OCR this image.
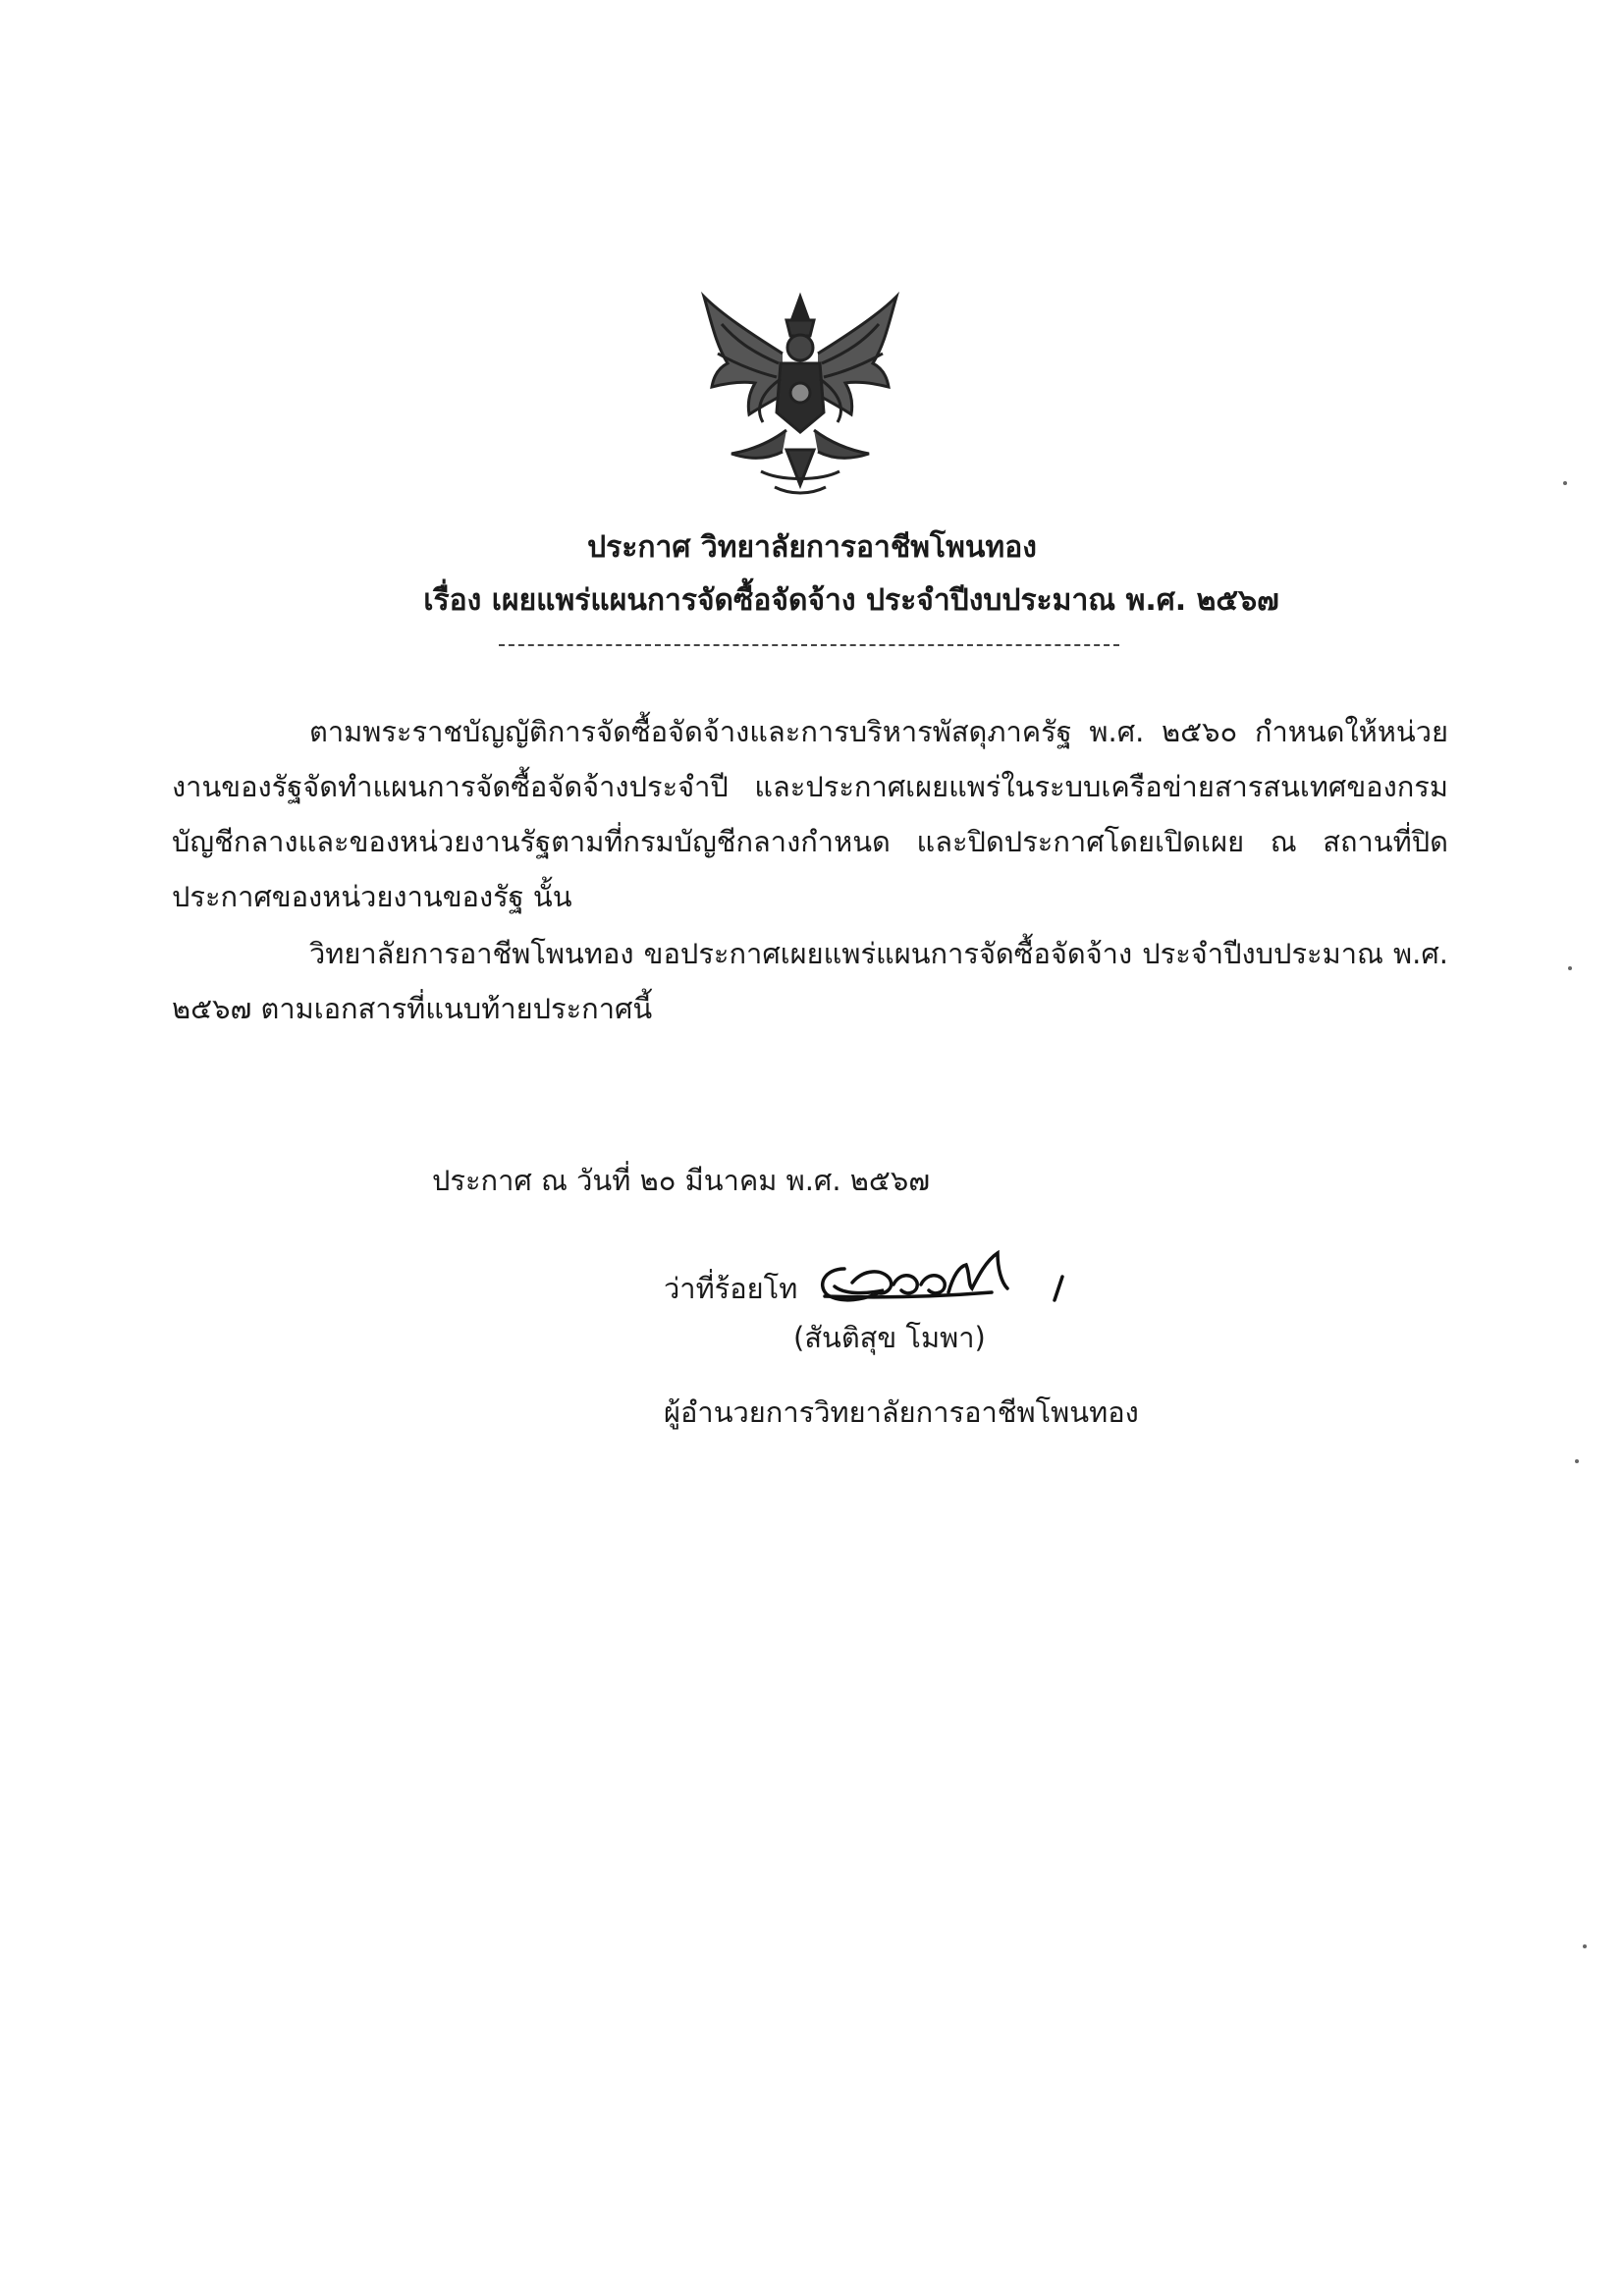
ประกาศ วิทยาลัยการอาชีพโพนทอง
เรื่อง เผยแพร่แผนการจัดซื้อจัดจ้าง ประจำปีงบประมาณ พ.ศ. ๒๕๖๗
ตามพระราชบัญญัติการจัดซื้อจัดจ้างและการบริหารพัสดุภาครัฐ พ.ศ. ๒๕๖๐ กำหนดให้หน่วยงานของรัฐจัดทำแผนการจัดซื้อจัดจ้างประจำปี และประกาศเผยแพร่ในระบบเครือข่ายสารสนเทศของกรมบัญชีกลางและของหน่วยงานรัฐตามที่กรมบัญชีกลางกำหนด และปิดประกาศโดยเปิดเผย ณ สถานที่ปิดประกาศของหน่วยงานของรัฐ นั้น
วิทยาลัยการอาชีพโพนทอง ขอประกาศเผยแพร่แผนการจัดซื้อจัดจ้าง ประจำปีงบประมาณ พ.ศ. ๒๕๖๗ ตามเอกสารที่แนบท้ายประกาศนี้
ประกาศ ณ วันที่ ๒๐ มีนาคม พ.ศ. ๒๕๖๗
ว่าที่ร้อยโท
(สันติสุข โมพา)
ผู้อำนวยการวิทยาลัยการอาชีพโพนทอง
